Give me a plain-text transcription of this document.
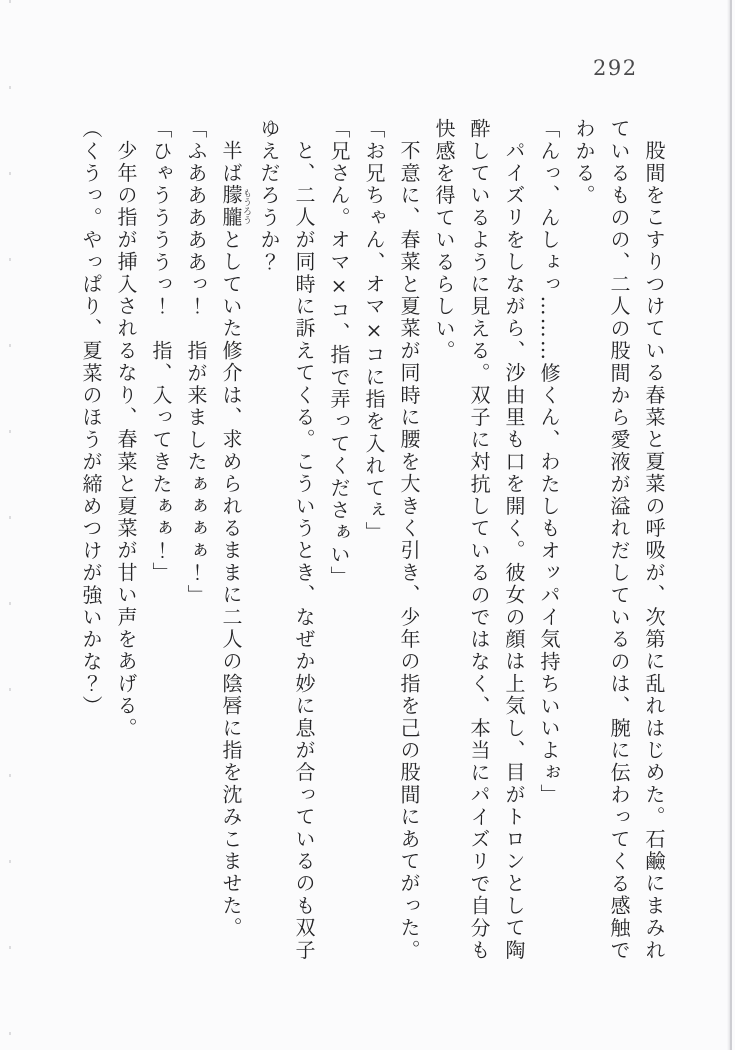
292

股間をこすりつけている春菜と夏菜の呼吸が、次第に乱れはじめた。石鹼にまみれ

ているものの、二人の股間から愛液が溢れだしているのは、腕に伝わってくる感触で

わかる。

「んっ、んしょっ………修くん、わたしもオッパイ気持ちいいよぉ」

パイズリをしながら、沙由里も口を開く。彼女の顔は上気し、目がトロンとして陶

酔しているように見える。双子に対抗しているのではなく、本当にパイズリで自分も

快感を得ているらしい。

不意に、春菜と夏菜が同時に腰を大きく引き、少年の指を己の股間にあてがった。

「お兄ちゃん、オマ×コに指を入れてぇ」

「兄さん。オマ×コ、指で弄ってくださぁい」

と、二人が同時に訴えてくる。こういうとき、なぜか妙に息が合っているのも双子

ゆえだろうか？

半ば朦朧もうろうとしていた修介は、求められるままに二人の陰唇に指を沈みこませた。

「ふあああああっ！　指が来ましたぁぁぁぁ！」

「ひゃううううっ！　指、入ってきたぁぁ！」

少年の指が挿入されるなり、春菜と夏菜が甘い声をあげる。

（くうっ。やっぱり、夏菜のほうが締めつけが強いかな？）
